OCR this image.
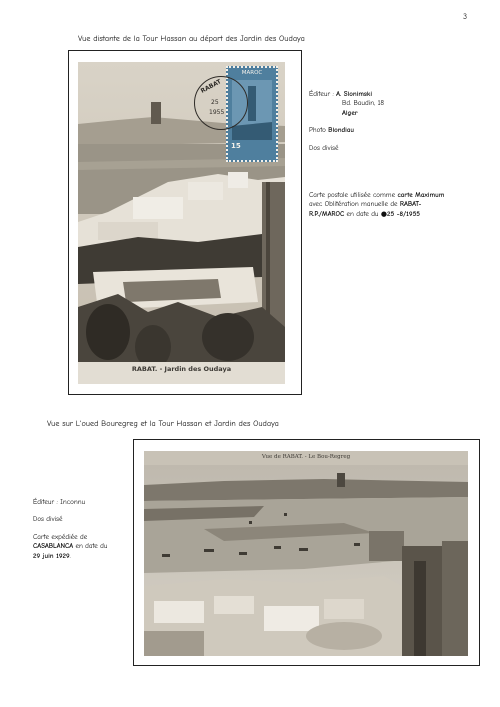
3
Vue distante de la Tour Hassan au départ des Jardin des Oudaya
RABAT. - Jardin des Oudaya
MAROC
15
RABAT
25
1955

Éditeur : A. Slonimski

Bd. Baudin, 18

Alger

Photo Blondiau

Dos divisé

Carte postale utilisée comme carte Maximum

avec Oblitération manuelle de RABAT-

R.P./MAROC en date du ●25 -8/1955

Vue sur L'oued Bouregreg et la Tour Hassan et Jardin des Oudaya
Vue de RABAT. - Le Bou-Regreg

Éditeur : Inconnu

Dos divisé

Carte expédiée de

CASABLANCA en date du

29 juin 1929.
